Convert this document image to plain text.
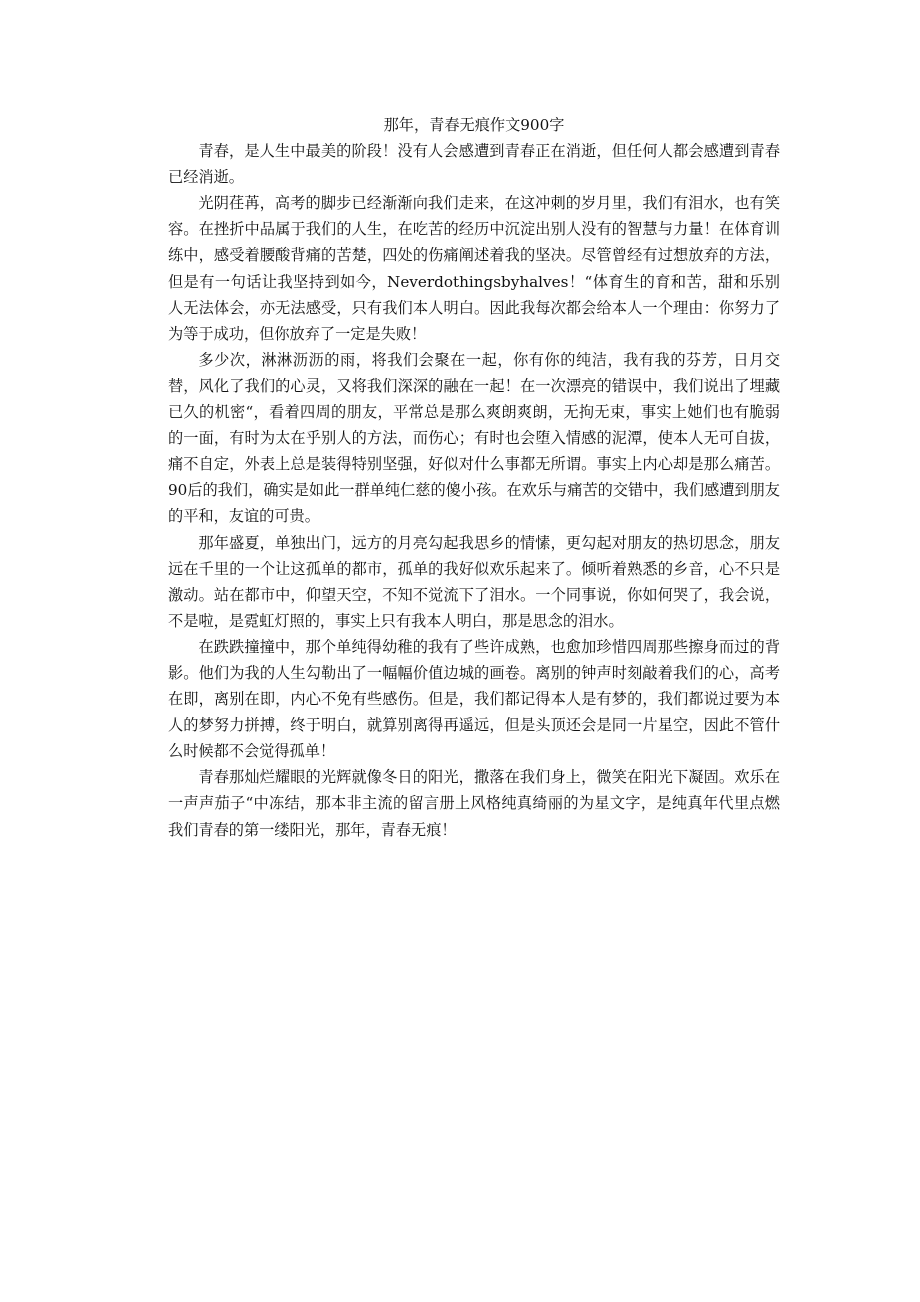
那年，青春无痕作文900字

青春，是人生中最美的阶段！没有人会感遭到青春正在消逝，但任何人都会感遭到青春已经消逝。

光阴荏苒，高考的脚步已经渐渐向我们走来，在这冲刺的岁月里，我们有泪水，也有笑容。在挫折中品属于我们的人生，在吃苦的经历中沉淀出别人没有的智慧与力量！在体育训练中，感受着腰酸背痛的苦楚，四处的伤痛阐述着我的坚决。尽管曾经有过想放弃的方法，但是有一句话让我坚持到如今，Neverdothingsbyhalves！“体育生的育和苦，甜和乐别人无法体会，亦无法感受，只有我们本人明白。因此我每次都会给本人一个理由：你努力了为等于成功，但你放弃了一定是失败！

多少次，淋淋沥沥的雨，将我们会聚在一起，你有你的纯洁，我有我的芬芳，日月交替，风化了我们的心灵，又将我们深深的融在一起！在一次漂亮的错误中，我们说出了埋藏已久的机密“，看着四周的朋友，平常总是那么爽朗爽朗，无拘无束，事实上她们也有脆弱的一面，有时为太在乎别人的方法，而伤心；有时也会堕入情感的泥潭，使本人无可自拔，痛不自定，外表上总是装得特别坚强，好似对什么事都无所谓。事实上内心却是那么痛苦。90后的我们，确实是如此一群单纯仁慈的傻小孩。在欢乐与痛苦的交错中，我们感遭到朋友的平和，友谊的可贵。

那年盛夏，单独出门，远方的月亮勾起我思乡的情愫，更勾起对朋友的热切思念，朋友远在千里的一个让这孤单的都市，孤单的我好似欢乐起来了。倾听着熟悉的乡音，心不只是激动。站在都市中，仰望天空，不知不觉流下了泪水。一个同事说，你如何哭了，我会说，不是啦，是霓虹灯照的，事实上只有我本人明白，那是思念的泪水。

在跌跌撞撞中，那个单纯得幼稚的我有了些许成熟，也愈加珍惜四周那些擦身而过的背影。他们为我的人生勾勒出了一幅幅价值边城的画卷。离别的钟声时刻敲着我们的心，高考在即，离别在即，内心不免有些感伤。但是，我们都记得本人是有梦的，我们都说过要为本人的梦努力拼搏，终于明白，就算别离得再遥远，但是头顶还会是同一片星空，因此不管什么时候都不会觉得孤单！

青春那灿烂耀眼的光辉就像冬日的阳光，撒落在我们身上，微笑在阳光下凝固。欢乐在一声声茄子“中冻结，那本非主流的留言册上风格纯真绮丽的为星文字，是纯真年代里点燃我们青春的第一缕阳光，那年，青春无痕！
